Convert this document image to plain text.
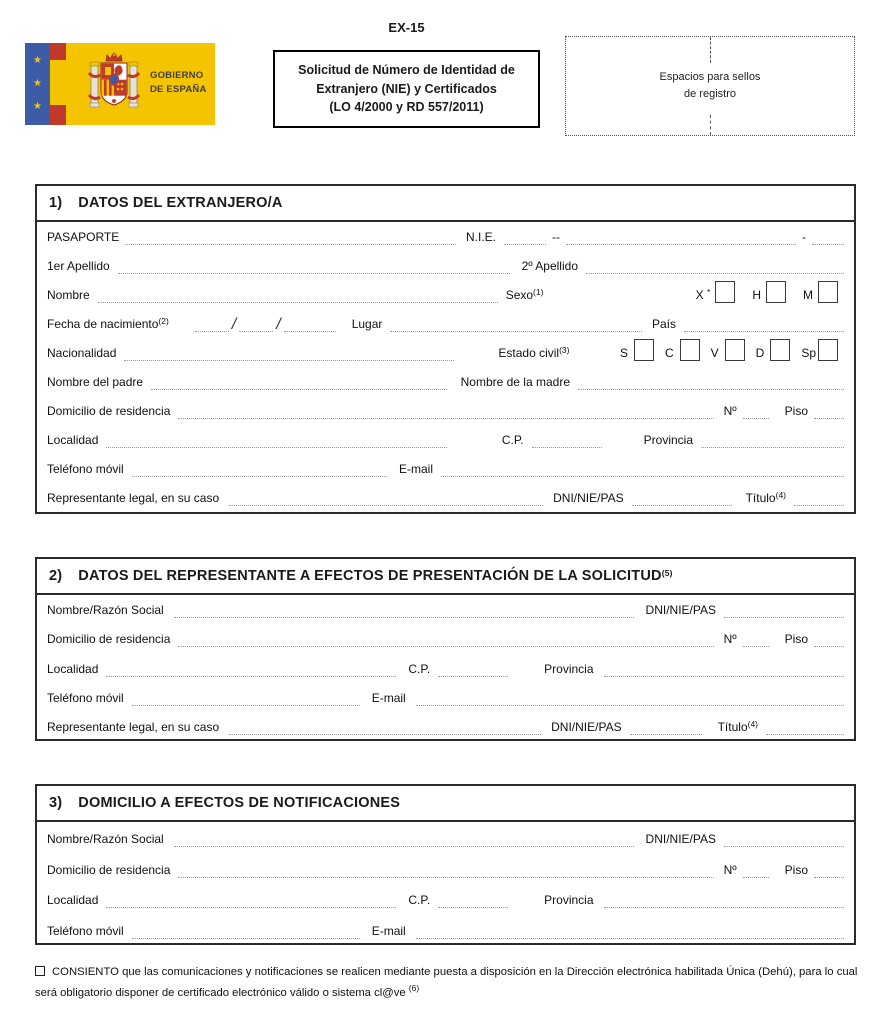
EX-15
★
★
★
GOBIERNO
DE ESPAÑA
Solicitud de Número de Identidad de
Extranjero (NIE) y Certificados
(LO 4/2000 y RD 557/2011)
Espacios para sellos
de registro
1) DATOS DEL EXTRANJERO/A
PASAPORTE	N.I.E.	--	-
1er Apellido	2º Apellido
Nombre	Sexo$^{(1)}$	X *	H	M
Fecha de nacimiento$^{(2)}$	/	/	Lugar	País
Nacionalidad	Estado civil$^{(3)}$	S	C	V	D	Sp
Nombre del padre	Nombre de la madre
Domicilio de residencia	Nº	Piso
Localidad	C.P.	Provincia
Teléfono móvil	E-mail
Representante legal, en su caso	DNI/NIE/PAS	Título$^{(4)}$
2) DATOS DEL REPRESENTANTE A EFECTOS DE PRESENTACIÓN DE LA SOLICITUD$^{(5)}$
Nombre/Razón Social	DNI/NIE/PAS
Domicilio de residencia	Nº	Piso
Localidad	C.P.	Provincia
Teléfono móvil	E-mail
Representante legal, en su caso	DNI/NIE/PAS	Título$^{(4)}$
3) DOMICILIO A EFECTOS DE NOTIFICACIONES
Nombre/Razón Social	DNI/NIE/PAS
Domicilio de residencia	Nº	Piso
Localidad	C.P.	Provincia
Teléfono móvil	E-mail
CONSIENTO que las comunicaciones y notificaciones se realicen mediante puesta a disposición en la Dirección electrónica habilitada Única (Dehú), para lo cual será obligatorio disponer de certificado electrónico válido o sistema cl@ve $^{(6)}$
